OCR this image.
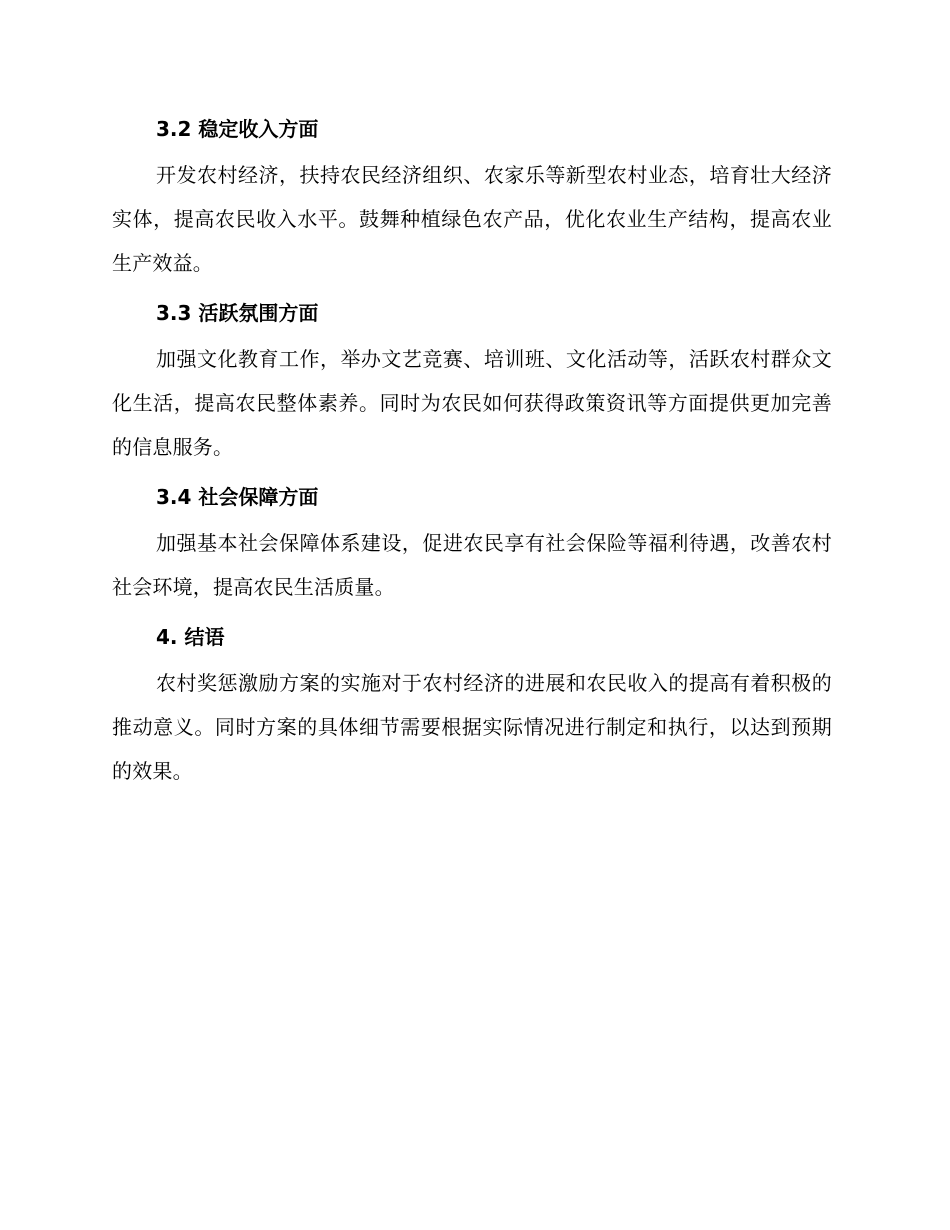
3.2 稳定收入方面

开发农村经济，扶持农民经济组织、农家乐等新型农村业态，培育壮大经济实体，提高农民收入水平。鼓舞种植绿色农产品，优化农业生产结构，提高农业生产效益。

3.3 活跃氛围方面

加强文化教育工作，举办文艺竞赛、培训班、文化活动等，活跃农村群众文化生活，提高农民整体素养。同时为农民如何获得政策资讯等方面提供更加完善的信息服务。

3.4 社会保障方面

加强基本社会保障体系建设，促进农民享有社会保险等福利待遇，改善农村社会环境，提高农民生活质量。

4. 结语

农村奖惩激励方案的实施对于农村经济的进展和农民收入的提高有着积极的推动意义。同时方案的具体细节需要根据实际情况进行制定和执行，以达到预期的效果。
